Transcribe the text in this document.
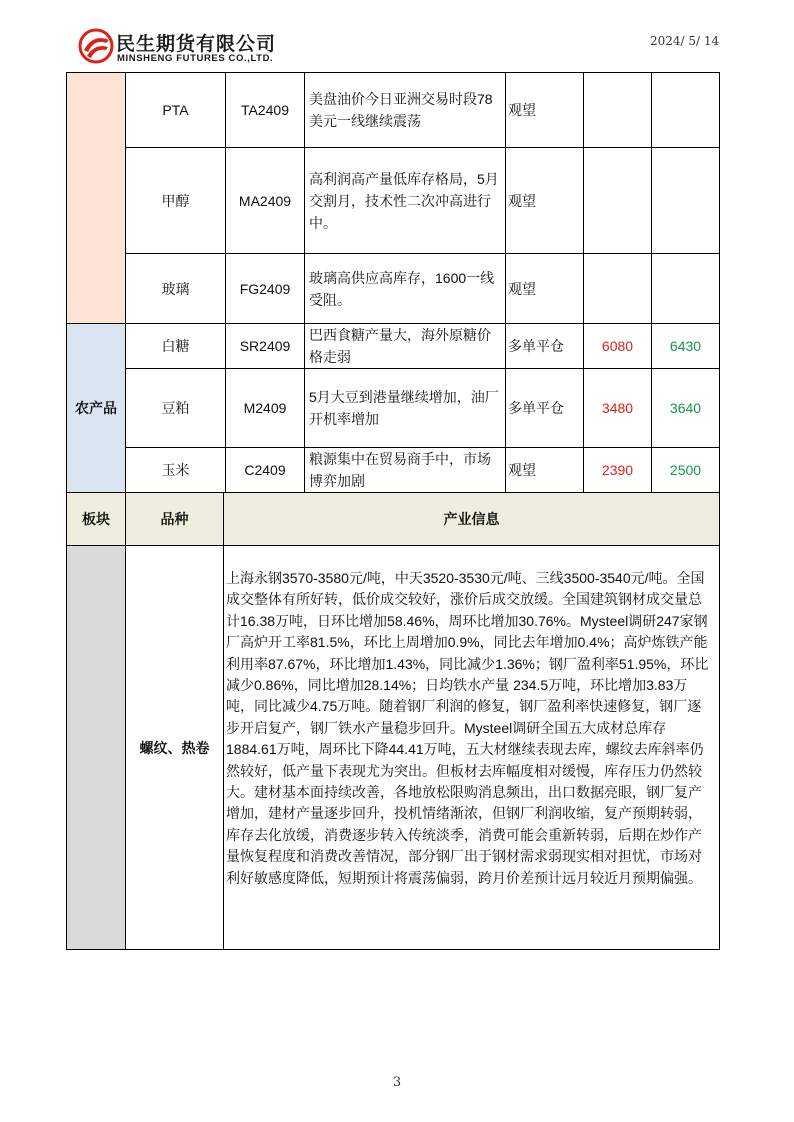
民生期货有限公司
MINSHENG FUTURES CO.,LTD.
2024/ 5/ 14
	PTA	TA2409	美盘油价今日亚洲交易时段78美元一线继续震荡	观望		
	甲醇	MA2409	高利润高产量低库存格局，5月交割月，技术性二次冲高进行中。	观望		
	玻璃	FG2409	玻璃高供应高库存，1600一线受阻。	观望		
农产品	白糖	SR2409	巴西食糖产量大，海外原糖价格走弱	多单平仓	6080	6430
	豆粕	M2409	5月大豆到港量继续增加，油厂开机率增加	多单平仓	3480	3640
	玉米	C2409	粮源集中在贸易商手中，市场博弈加剧	观望	2390	2500
板块	品种	产业信息
	螺纹、热卷	上海永钢3570-3580元/吨，中天3520-3530元/吨、三线3500-3540元/吨。全国成交整体有所好转，低价成交较好，涨价后成交放缓。全国建筑钢材成交量总计16.38万吨，日环比增加58.46%，周环比增加30.76%。Mysteel调研247家钢厂高炉开工率81.5%，环比上周增加0.9%，同比去年增加0.4%；高炉炼铁产能利用率87.67%，环比增加1.43%，同比减少1.36%；钢厂盈利率51.95%，环比减少0.86%，同比增加28.14%；日均铁水产量 234.5万吨，环比增加3.83万吨，同比减少4.75万吨。随着钢厂利润的修复，钢厂盈利率快速修复，钢厂逐步开启复产，钢厂铁水产量稳步回升。Mysteel调研全国五大成材总库存1884.61万吨，周环比下降44.41万吨，五大材继续表现去库，螺纹去库斜率仍然较好，低产量下表现尤为突出。但板材去库幅度相对缓慢，库存压力仍然较大。建材基本面持续改善，各地放松限购消息频出，出口数据亮眼，钢厂复产增加，建材产量逐步回升，投机情绪渐浓，但钢厂利润收缩，复产预期转弱，库存去化放缓，消费逐步转入传统淡季，消费可能会重新转弱，后期在炒作产量恢复程度和消费改善情况，部分钢厂出于钢材需求弱现实相对担忧，市场对利好敏感度降低，短期预计将震荡偏弱，跨月价差预计远月较近月预期偏强。
3
